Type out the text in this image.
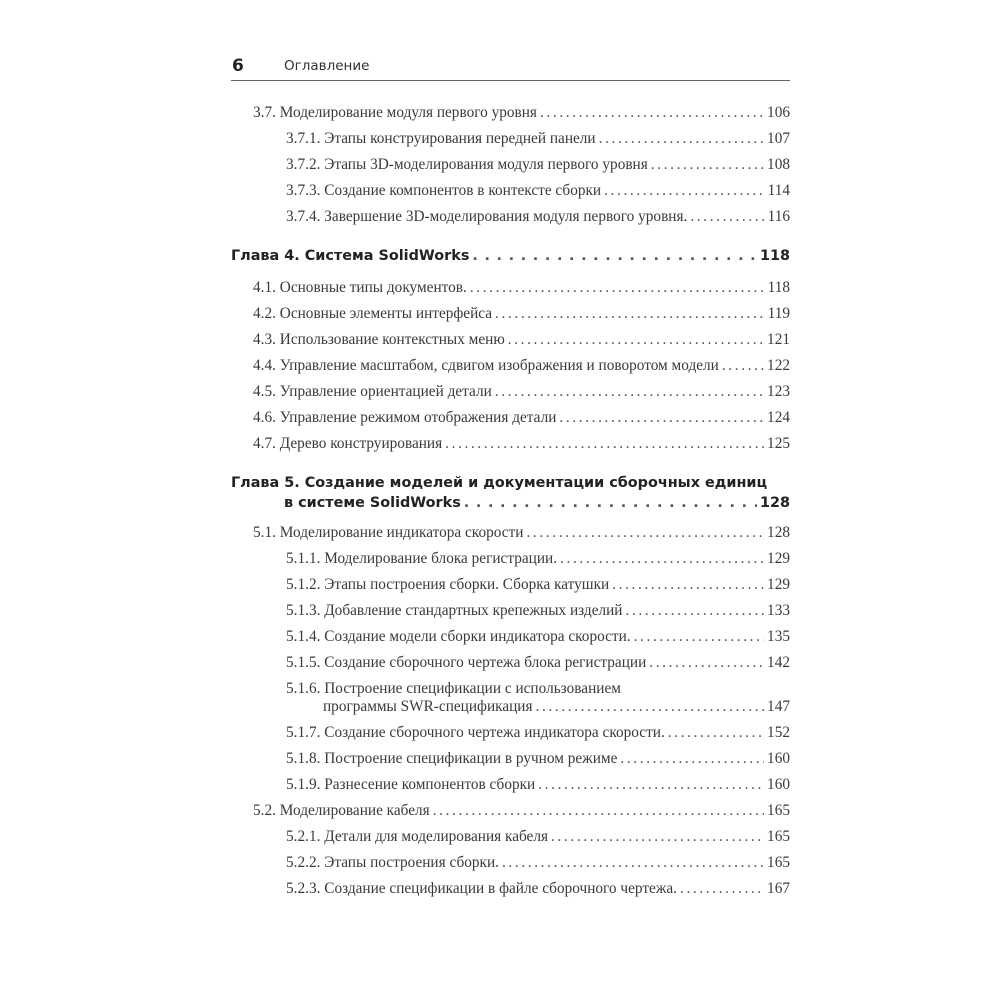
6	Оглавление
3.7. Моделирование модуля первого уровня . . .	106
3.7.1. Этапы конструирования передней панели . . .	107
3.7.2. Этапы 3D-моделирования модуля первого уровня . . .	108
3.7.3. Создание компонентов в контексте сборки . . .	114
3.7.4. Завершение 3D-моделирования модуля первого уровня. . . .	116
Глава 4. Система SolidWorks . . .	118
4.1. Основные типы документов. . . .	118
4.2. Основные элементы интерфейса . . .	119
4.3. Использование контекстных меню . . .	121
4.4. Управление масштабом, сдвигом изображения и поворотом модели . . .	122
4.5. Управление ориентацией детали . . .	123
4.6. Управление режимом отображения детали . . .	124
4.7. Дерево конструирования . . .	125
Глава 5. Создание моделей и документации сборочных единиц
в системе SolidWorks . . .	128
5.1. Моделирование индикатора скорости . . .	128
5.1.1. Моделирование блока регистрации. . . .	129
5.1.2. Этапы построения сборки. Сборка катушки . . .	129
5.1.3. Добавление стандартных крепежных изделий . . .	133
5.1.4. Создание модели сборки индикатора скорости. . . .	135
5.1.5. Создание сборочного чертежа блока регистрации . . .	142
5.1.6. Построение спецификации с использованием
программы SWR-спецификация . . .	147
5.1.7. Создание сборочного чертежа индикатора скорости. . . .	152
5.1.8. Построение спецификации в ручном режиме . . .	160
5.1.9. Разнесение компонентов сборки . . .	160
5.2. Моделирование кабеля . . .	165
5.2.1. Детали для моделирования кабеля . . .	165
5.2.2. Этапы построения сборки. . . .	165
5.2.3. Создание спецификации в файле сборочного чертежа. . . .	167
